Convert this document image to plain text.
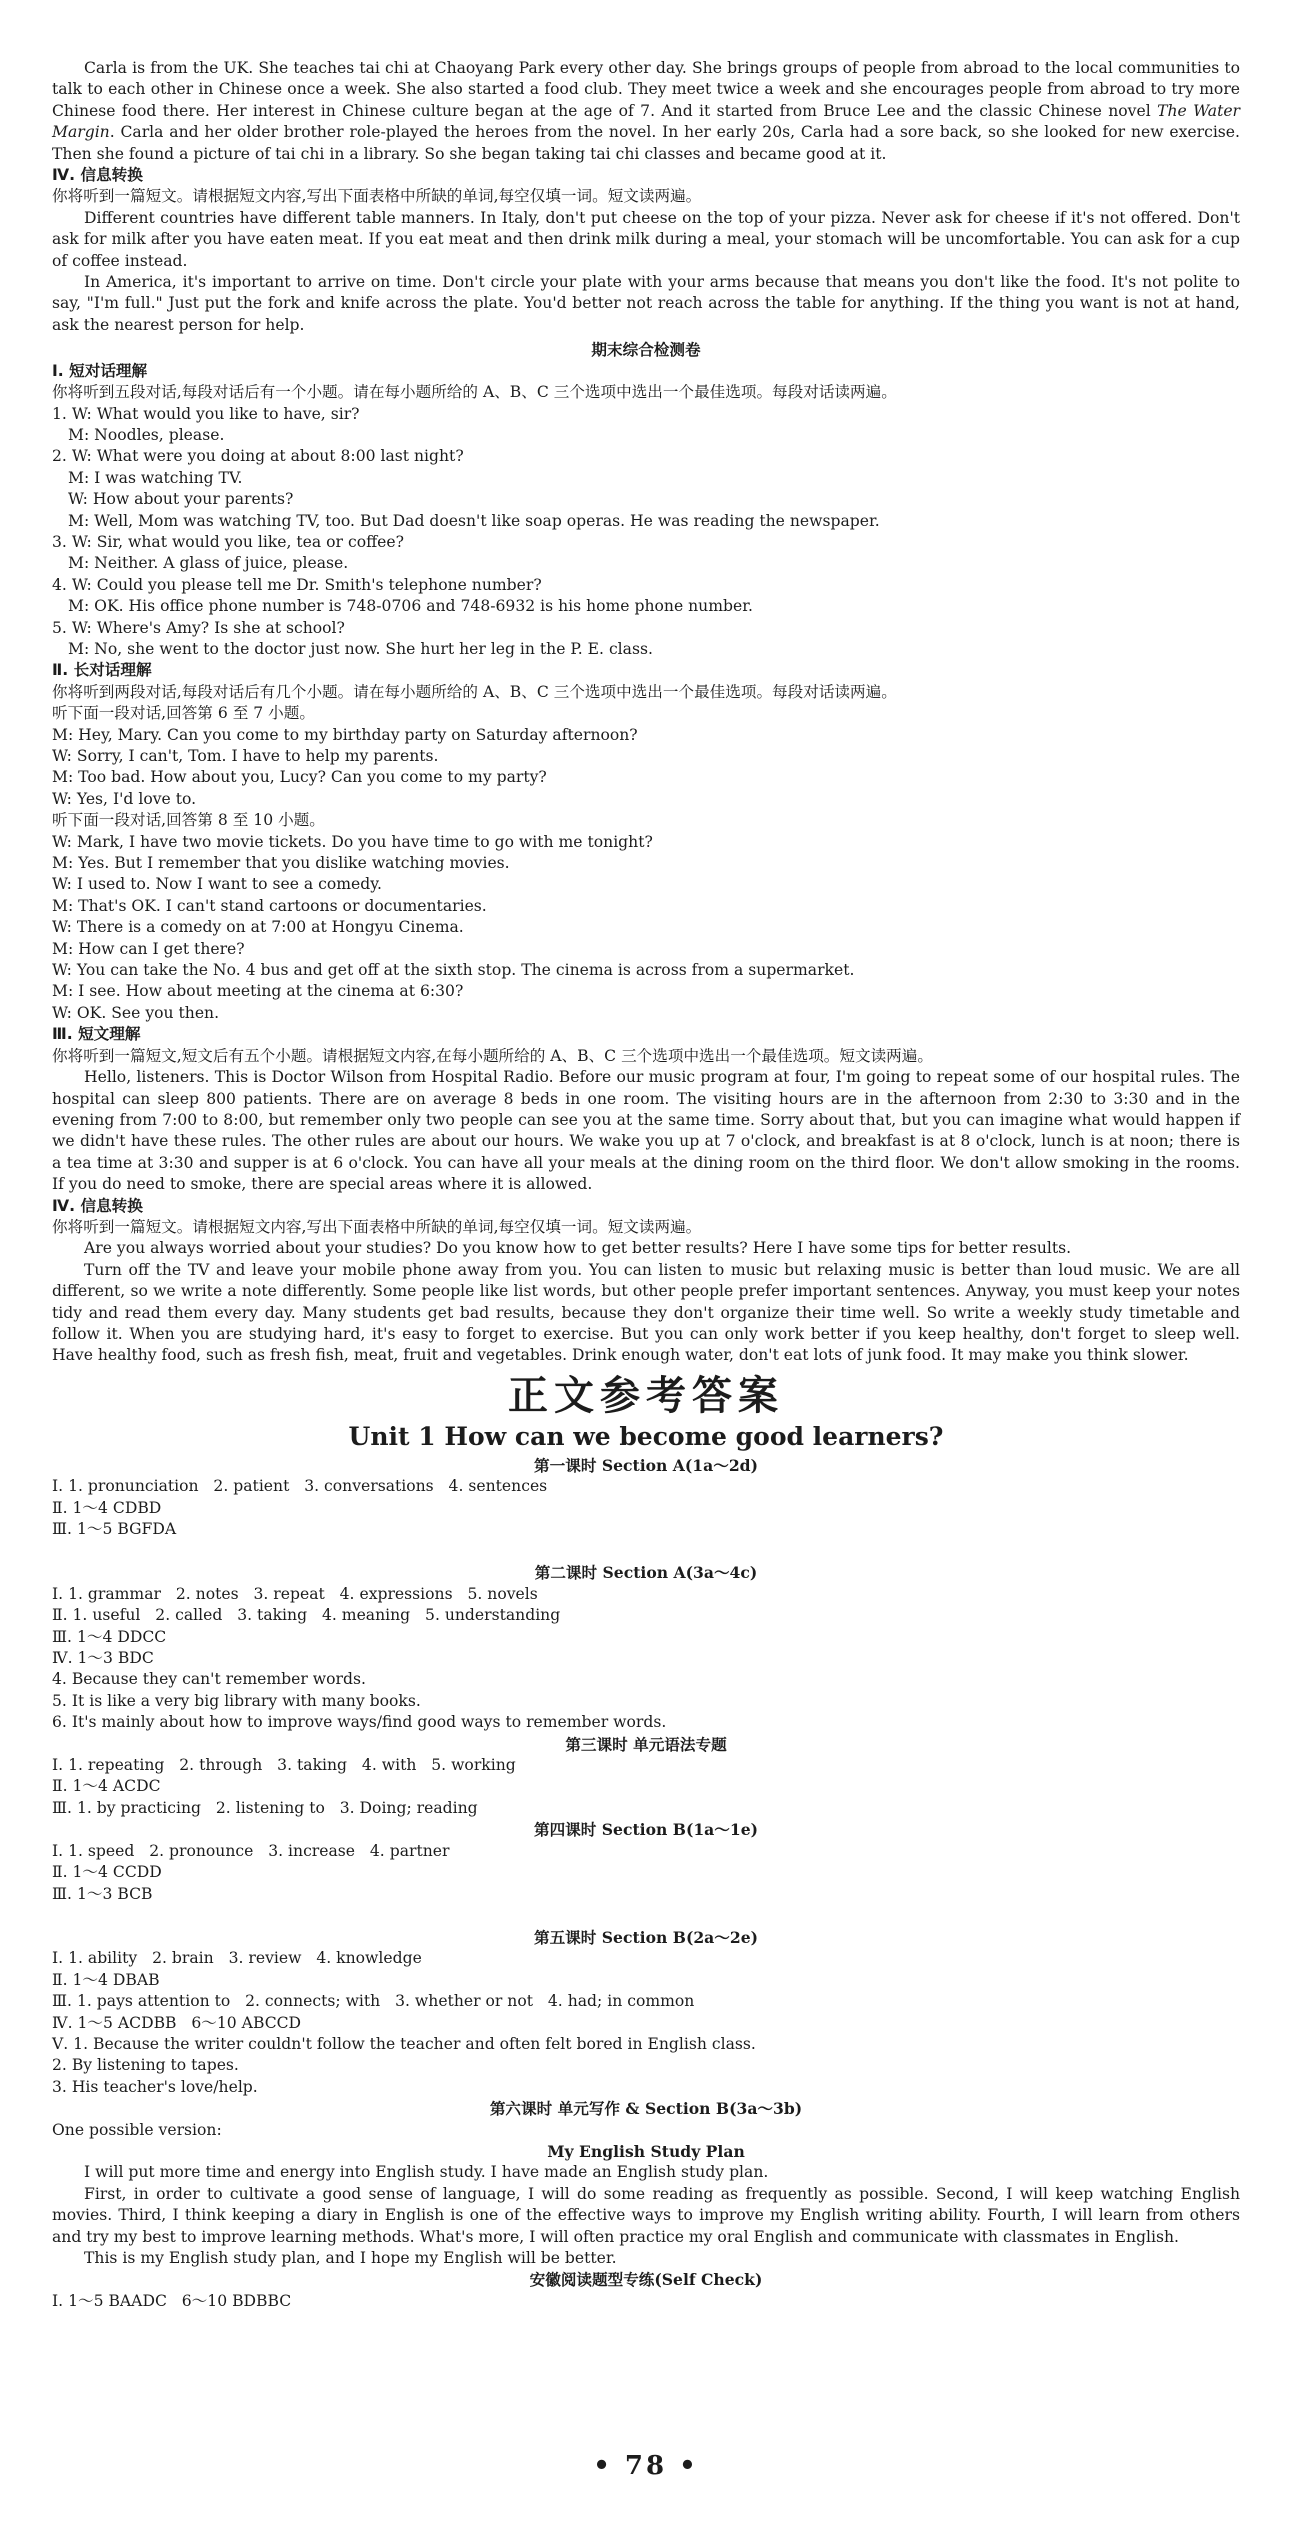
Carla is from the UK. She teaches tai chi at Chaoyang Park every other day. She brings groups of people from abroad to the local communities to talk to each other in Chinese once a week. She also started a food club. They meet twice a week and she encourages people from abroad to try more Chinese food there. Her interest in Chinese culture began at the age of 7. And it started from Bruce Lee and the classic Chinese novel The Water Margin. Carla and her older brother role-played the heroes from the novel. In her early 20s, Carla had a sore back, so she looked for new exercise. Then she found a picture of tai chi in a library. So she began taking tai chi classes and became good at it.

Ⅳ. 信息转换

你将听到一篇短文。请根据短文内容,写出下面表格中所缺的单词,每空仅填一词。短文读两遍。

Different countries have different table manners. In Italy, don't put cheese on the top of your pizza. Never ask for cheese if it's not offered. Don't ask for milk after you have eaten meat. If you eat meat and then drink milk during a meal, your stomach will be uncomfortable. You can ask for a cup of coffee instead.

In America, it's important to arrive on time. Don't circle your plate with your arms because that means you don't like the food. It's not polite to say, "I'm full." Just put the fork and knife across the plate. You'd better not reach across the table for anything. If the thing you want is not at hand, ask the nearest person for help.

期末综合检测卷

Ⅰ. 短对话理解

你将听到五段对话,每段对话后有一个小题。请在每小题所给的 A、B、C 三个选项中选出一个最佳选项。每段对话读两遍。

1. W: What would you like to have, sir?

M: Noodles, please.

2. W: What were you doing at about 8:00 last night?

M: I was watching TV.

W: How about your parents?

M: Well, Mom was watching TV, too. But Dad doesn't like soap operas. He was reading the newspaper.

3. W: Sir, what would you like, tea or coffee?

M: Neither. A glass of juice, please.

4. W: Could you please tell me Dr. Smith's telephone number?

M: OK. His office phone number is 748-0706 and 748-6932 is his home phone number.

5. W: Where's Amy? Is she at school?

M: No, she went to the doctor just now. She hurt her leg in the P. E. class.

Ⅱ. 长对话理解

你将听到两段对话,每段对话后有几个小题。请在每小题所给的 A、B、C 三个选项中选出一个最佳选项。每段对话读两遍。

听下面一段对话,回答第 6 至 7 小题。

M: Hey, Mary. Can you come to my birthday party on Saturday afternoon?

W: Sorry, I can't, Tom. I have to help my parents.

M: Too bad. How about you, Lucy? Can you come to my party?

W: Yes, I'd love to.

听下面一段对话,回答第 8 至 10 小题。

W: Mark, I have two movie tickets. Do you have time to go with me tonight?

M: Yes. But I remember that you dislike watching movies.

W: I used to. Now I want to see a comedy.

M: That's OK. I can't stand cartoons or documentaries.

W: There is a comedy on at 7:00 at Hongyu Cinema.

M: How can I get there?

W: You can take the No. 4 bus and get off at the sixth stop. The cinema is across from a supermarket.

M: I see. How about meeting at the cinema at 6:30?

W: OK. See you then.

Ⅲ. 短文理解

你将听到一篇短文,短文后有五个小题。请根据短文内容,在每小题所给的 A、B、C 三个选项中选出一个最佳选项。短文读两遍。

Hello, listeners. This is Doctor Wilson from Hospital Radio. Before our music program at four, I'm going to repeat some of our hospital rules. The hospital can sleep 800 patients. There are on average 8 beds in one room. The visiting hours are in the afternoon from 2:30 to 3:30 and in the evening from 7:00 to 8:00, but remember only two people can see you at the same time. Sorry about that, but you can imagine what would happen if we didn't have these rules. The other rules are about our hours. We wake you up at 7 o'clock, and breakfast is at 8 o'clock, lunch is at noon; there is a tea time at 3:30 and supper is at 6 o'clock. You can have all your meals at the dining room on the third floor. We don't allow smoking in the rooms. If you do need to smoke, there are special areas where it is allowed.

Ⅳ. 信息转换

你将听到一篇短文。请根据短文内容,写出下面表格中所缺的单词,每空仅填一词。短文读两遍。

Are you always worried about your studies? Do you know how to get better results? Here I have some tips for better results.

Turn off the TV and leave your mobile phone away from you. You can listen to music but relaxing music is better than loud music. We are all different, so we write a note differently. Some people like list words, but other people prefer important sentences. Anyway, you must keep your notes tidy and read them every day. Many students get bad results, because they don't organize their time well. So write a weekly study timetable and follow it. When you are studying hard, it's easy to forget to exercise. But you can only work better if you keep healthy, don't forget to sleep well. Have healthy food, such as fresh fish, meat, fruit and vegetables. Drink enough water, don't eat lots of junk food. It may make you think slower.

正文参考答案

Unit 1 How can we become good learners?

第一课时 Section A(1a～2d)

Ⅰ. 1. pronunciation   2. patient   3. conversations   4. sentences

Ⅱ. 1～4 CDBD

Ⅲ. 1～5 BGFDA

第二课时 Section A(3a～4c)

Ⅰ. 1. grammar   2. notes   3. repeat   4. expressions   5. novels

Ⅱ. 1. useful   2. called   3. taking   4. meaning   5. understanding

Ⅲ. 1～4 DDCC

Ⅳ. 1～3 BDC

4. Because they can't remember words.

5. It is like a very big library with many books.

6. It's mainly about how to improve ways/find good ways to remember words.

第三课时 单元语法专题

Ⅰ. 1. repeating   2. through   3. taking   4. with   5. working

Ⅱ. 1～4 ACDC

Ⅲ. 1. by practicing   2. listening to   3. Doing; reading

第四课时 Section B(1a～1e)

Ⅰ. 1. speed   2. pronounce   3. increase   4. partner

Ⅱ. 1～4 CCDD

Ⅲ. 1～3 BCB

第五课时 Section B(2a～2e)

Ⅰ. 1. ability   2. brain   3. review   4. knowledge

Ⅱ. 1～4 DBAB

Ⅲ. 1. pays attention to   2. connects; with   3. whether or not   4. had; in common

Ⅳ. 1～5 ACDBB   6～10 ABCCD

Ⅴ. 1. Because the writer couldn't follow the teacher and often felt bored in English class.

2. By listening to tapes.

3. His teacher's love/help.

第六课时 单元写作 & Section B(3a～3b)

One possible version:

My English Study Plan

I will put more time and energy into English study. I have made an English study plan.

First, in order to cultivate a good sense of language, I will do some reading as frequently as possible. Second, I will keep watching English movies. Third, I think keeping a diary in English is one of the effective ways to improve my English writing ability. Fourth, I will learn from others and try my best to improve learning methods. What's more, I will often practice my oral English and communicate with classmates in English.

This is my English study plan, and I hope my English will be better.

安徽阅读题型专练(Self Check)

Ⅰ. 1～5 BAADC   6～10 BDBBC

• 78 •
